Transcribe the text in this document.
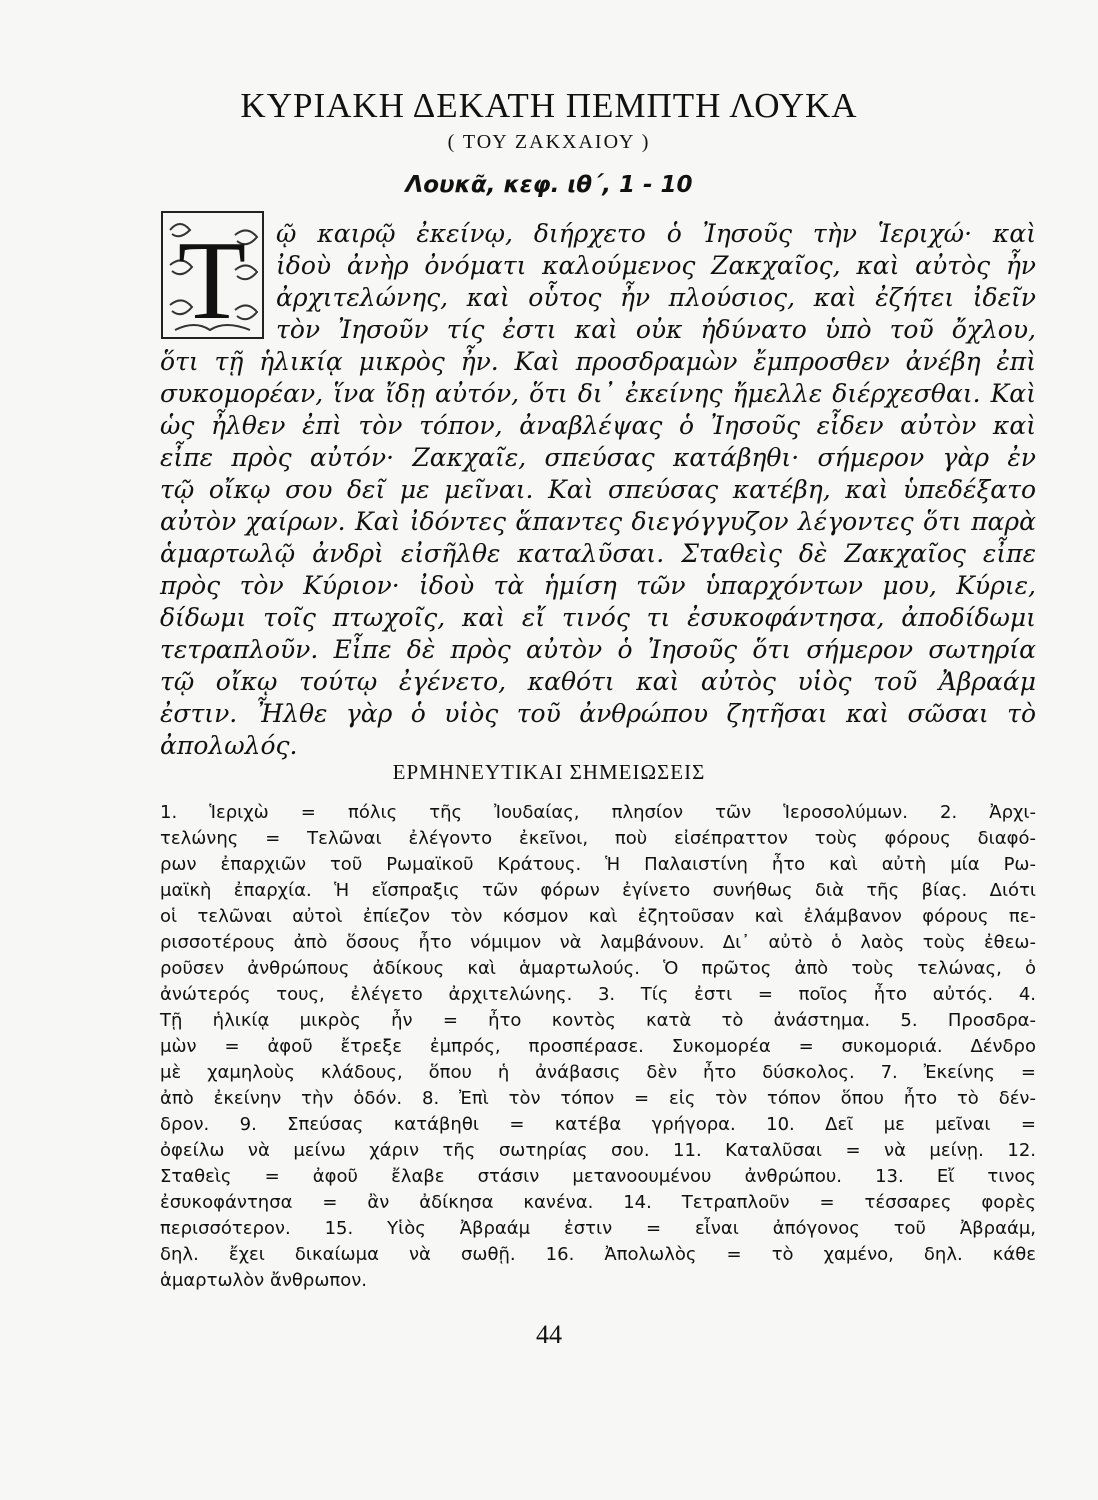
ΚΥΡΙΑΚΗ ΔΕΚΑΤΗ ΠΕΜΠΤΗ ΛΟΥΚΑ
( ΤΟΥ ΖΑΚΧΑΙΟΥ )
Λουκᾶ, κεφ. ιθ΄, 1 - 10
Τ ῷ καιρῷ ἐκείνῳ, διήρχετο ὁ Ἰησοῦς τὴν Ἱεριχώ· καὶ
ἰδοὺ ἀνὴρ ὀνόματι καλούμενος Ζακχαῖος, καὶ αὐτὸς ἦν
ἀρχιτελώνης, καὶ οὗτος ἦν πλούσιος, καὶ ἐζήτει ἰδεῖν
τὸν Ἰησοῦν τίς ἐστι καὶ οὐκ ἠδύνατο ὑπὸ τοῦ ὄχλου,
ὅτι τῇ ἡλικίᾳ μικρὸς ἦν. Καὶ προσδραμὼν ἔμπροσθεν ἀνέβη ἐπὶ
συκομορέαν, ἵνα ἴδῃ αὐτόν, ὅτι δι᾿ ἐκείνης ἤμελλε διέρχεσθαι. Καὶ
ὡς ἦλθεν ἐπὶ τὸν τόπον, ἀναβλέψας ὁ Ἰησοῦς εἶδεν αὐτὸν καὶ
εἶπε πρὸς αὐτόν· Ζακχαῖε, σπεύσας κατάβηθι· σήμερον γὰρ ἐν
τῷ οἴκῳ σου δεῖ με μεῖναι. Καὶ σπεύσας κατέβη, καὶ ὑπεδέξατο
αὐτὸν χαίρων. Καὶ ἰδόντες ἅπαντες διεγόγγυζον λέγοντες ὅτι παρὰ
ἁμαρτωλῷ ἀνδρὶ εἰσῆλθε καταλῦσαι. Σταθεὶς δὲ Ζακχαῖος εἶπε
πρὸς τὸν Κύριον· ἰδοὺ τὰ ἡμίση τῶν ὑπαρχόντων μου, Κύριε,
δίδωμι τοῖς πτωχοῖς, καὶ εἴ τινός τι ἐσυκοφάντησα, ἀποδίδωμι
τετραπλοῦν. Εἶπε δὲ πρὸς αὐτὸν ὁ Ἰησοῦς ὅτι σήμερον σωτηρία
τῷ οἴκῳ τούτῳ ἐγένετο, καθότι καὶ αὐτὸς υἱὸς τοῦ Ἀβραάμ
ἐστιν. Ἦλθε γὰρ ὁ υἱὸς τοῦ ἀνθρώπου ζητῆσαι καὶ σῶσαι τὸ
ἀπολωλός.
ΕΡΜΗΝΕΥΤΙΚΑΙ ΣΗΜΕΙΩΣΕΙΣ
1. Ἱεριχὼ = πόλις τῆς Ἰουδαίας, πλησίον τῶν Ἱεροσολύμων. 2. Ἀρχι-
τελώνης = Τελῶναι ἐλέγοντο ἐκεῖνοι, ποὺ εἰσέπραττον τοὺς φόρους διαφό-
ρων ἐπαρχιῶν τοῦ Ρωμαϊκοῦ Κράτους. Ἡ Παλαιστίνη ἦτο καὶ αὐτὴ μία Ρω-
μαϊκὴ ἐπαρχία. Ἡ εἴσπραξις τῶν φόρων ἐγίνετο συνήθως διὰ τῆς βίας. Διότι
οἱ τελῶναι αὐτοὶ ἐπίεζον τὸν κόσμον καὶ ἐζητοῦσαν καὶ ἐλάμβανον φόρους πε-
ρισσοτέρους ἀπὸ ὅσους ἦτο νόμιμον νὰ λαμβάνουν. Δι᾿ αὐτὸ ὁ λαὸς τοὺς ἐθεω-
ροῦσεν ἀνθρώπους ἀδίκους καὶ ἁμαρτωλούς. Ὁ πρῶτος ἀπὸ τοὺς τελώνας, ὁ
ἀνώτερός τους, ἐλέγετο ἀρχιτελώνης. 3. Τίς ἐστι = ποῖος ἦτο αὐτός. 4.
Τῇ ἡλικίᾳ μικρὸς ἦν = ἦτο κοντὸς κατὰ τὸ ἀνάστημα. 5. Προσδρα-
μὼν = ἀφοῦ ἔτρεξε ἐμπρός, προσπέρασε. Συκομορέα = συκομοριά. Δένδρο
μὲ χαμηλοὺς κλάδους, ὅπου ἡ ἀνάβασις δὲν ἦτο δύσκολος. 7. Ἐκείνης =
ἀπὸ ἐκείνην τὴν ὁδόν. 8. Ἐπὶ τὸν τόπον = εἰς τὸν τόπον ὅπου ἦτο τὸ δέν-
δρον. 9. Σπεύσας κατάβηθι = κατέβα γρήγορα. 10. Δεῖ με μεῖναι =
ὀφείλω νὰ μείνω χάριν τῆς σωτηρίας σου. 11. Καταλῦσαι = νὰ μείνῃ. 12.
Σταθεὶς = ἀφοῦ ἔλαβε στάσιν μετανοουμένου ἀνθρώπου. 13. Εἴ τινος
ἐσυκοφάντησα = ἂν ἀδίκησα κανένα. 14. Τετραπλοῦν = τέσσαρες φορὲς
περισσότερον. 15. Υἱὸς Ἀβραάμ ἐστιν = εἶναι ἀπόγονος τοῦ Ἀβραάμ,
δηλ. ἔχει δικαίωμα νὰ σωθῇ. 16. Ἀπολωλὸς = τὸ χαμένο, δηλ. κάθε
ἁμαρτωλὸν ἄνθρωπον.
44
